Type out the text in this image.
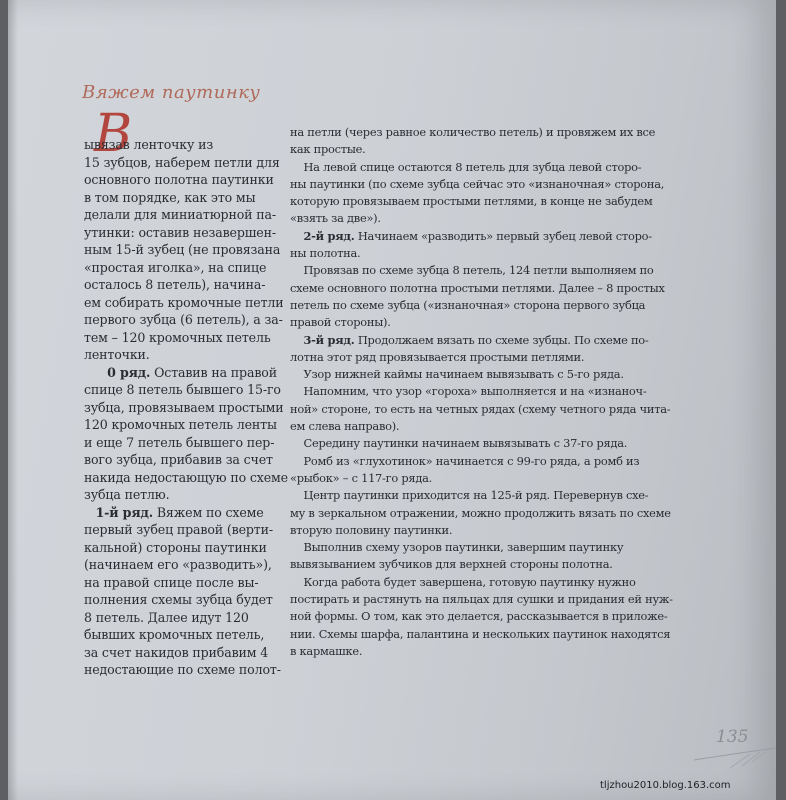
Вяжем паутинку
В
ывязав ленточку из
15 зубцов, наберем петли для
основного полотна паутинки
в том порядке, как это мы
делали для миниатюрной па-
утинки: оставив незавершен-
ным 15-й зубец (не провязана
«простая иголка», на спице
осталось 8 петель), начина-
ем собирать кромочные петли
первого зубца (6 петель), а за-
тем – 120 кромочных петель
ленточки.
0 ряд. Оставив на правой
спице 8 петель бывшего 15-го
зубца, провязываем простыми
120 кромочных петель ленты
и еще 7 петель бывшего пер-
вого зубца, прибавив за счет
накида недостающую по схеме
зубца петлю.
1-й ряд. Вяжем по схеме
первый зубец правой (верти-
кальной) стороны паутинки
(начинаем его «разводить»),
на правой спице после вы-
полнения схемы зубца будет
8 петель. Далее идут 120
бывших кромочных петель,
за счет накидов прибавим 4
недостающие по схеме полот-
на петли (через равное количество петель) и провяжем их все
как простые.
На левой спице остаются 8 петель для зубца левой сторо-
ны паутинки (по схеме зубца сейчас это «изнаночная» сторона,
которую провязываем простыми петлями, в конце не забудем
«взять за две»).
2-й ряд. Начинаем «разводить» первый зубец левой сторо-
ны полотна.
Провязав по схеме зубца 8 петель, 124 петли выполняем по
схеме основного полотна простыми петлями. Далее – 8 простых
петель по схеме зубца («изнаночная» сторона первого зубца
правой стороны).
3-й ряд. Продолжаем вязать по схеме зубцы. По схеме по-
лотна этот ряд провязывается простыми петлями.
Узор нижней каймы начинаем вывязывать с 5-го ряда.
Напомним, что узор «гороха» выполняется и на «изнаноч-
ной» стороне, то есть на четных рядах (схему четного ряда чита-
ем слева направо).
Середину паутинки начинаем вывязывать с 37-го ряда.
Ромб из «глухотинок» начинается с 99-го ряда, а ромб из
«рыбок» – с 117-го ряда.
Центр паутинки приходится на 125-й ряд. Перевернув схе-
му в зеркальном отражении, можно продолжить вязать по схеме
вторую половину паутинки.
Выполнив схему узоров паутинки, завершим паутинку
вывязыванием зубчиков для верхней стороны полотна.
Когда работа будет завершена, готовую паутинку нужно
постирать и растянуть на пяльцах для сушки и придания ей нуж-
ной формы. О том, как это делается, рассказывается в приложе-
нии. Схемы шарфа, палантина и нескольких паутинок находятся
в кармашке.
135
tljzhou2010.blog.163.com
